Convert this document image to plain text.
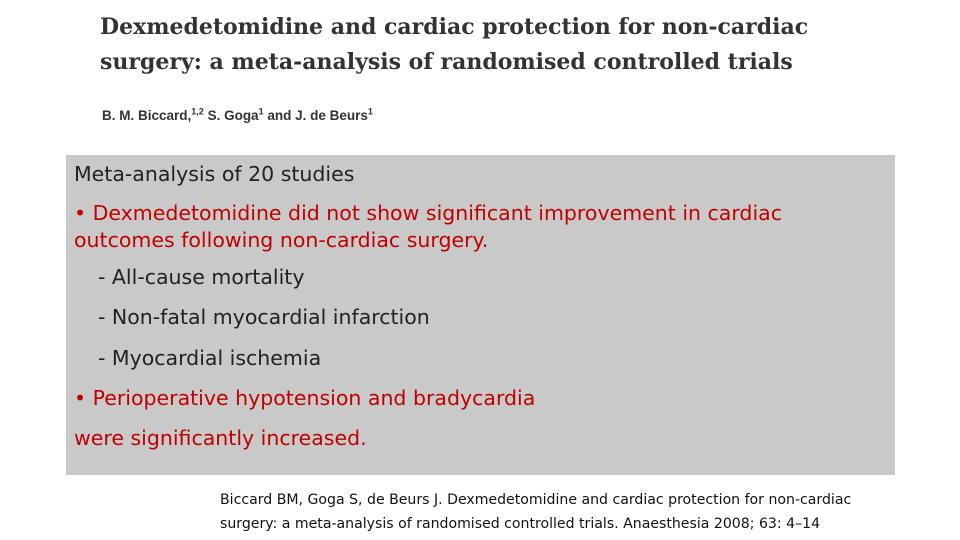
Dexmedetomidine and cardiac protection for non-cardiac
surgery: a meta-analysis of randomised controlled trials

B. M. Biccard,$^{1,2}$ S. Goga$^1$ and J. de Beurs$^1$

Meta-analysis of 20 studies
• Dexmedetomidine did not show significant improvement in cardiac
outcomes following non-cardiac surgery.
- All-cause mortality
- Non-fatal myocardial infarction
- Myocardial ischemia
• Perioperative hypotension and bradycardia
were significantly increased.

Biccard BM, Goga S, de Beurs J. Dexmedetomidine and cardiac protection for non-cardiac
surgery: a meta-analysis of randomised controlled trials. Anaesthesia 2008; 63: 4–14
